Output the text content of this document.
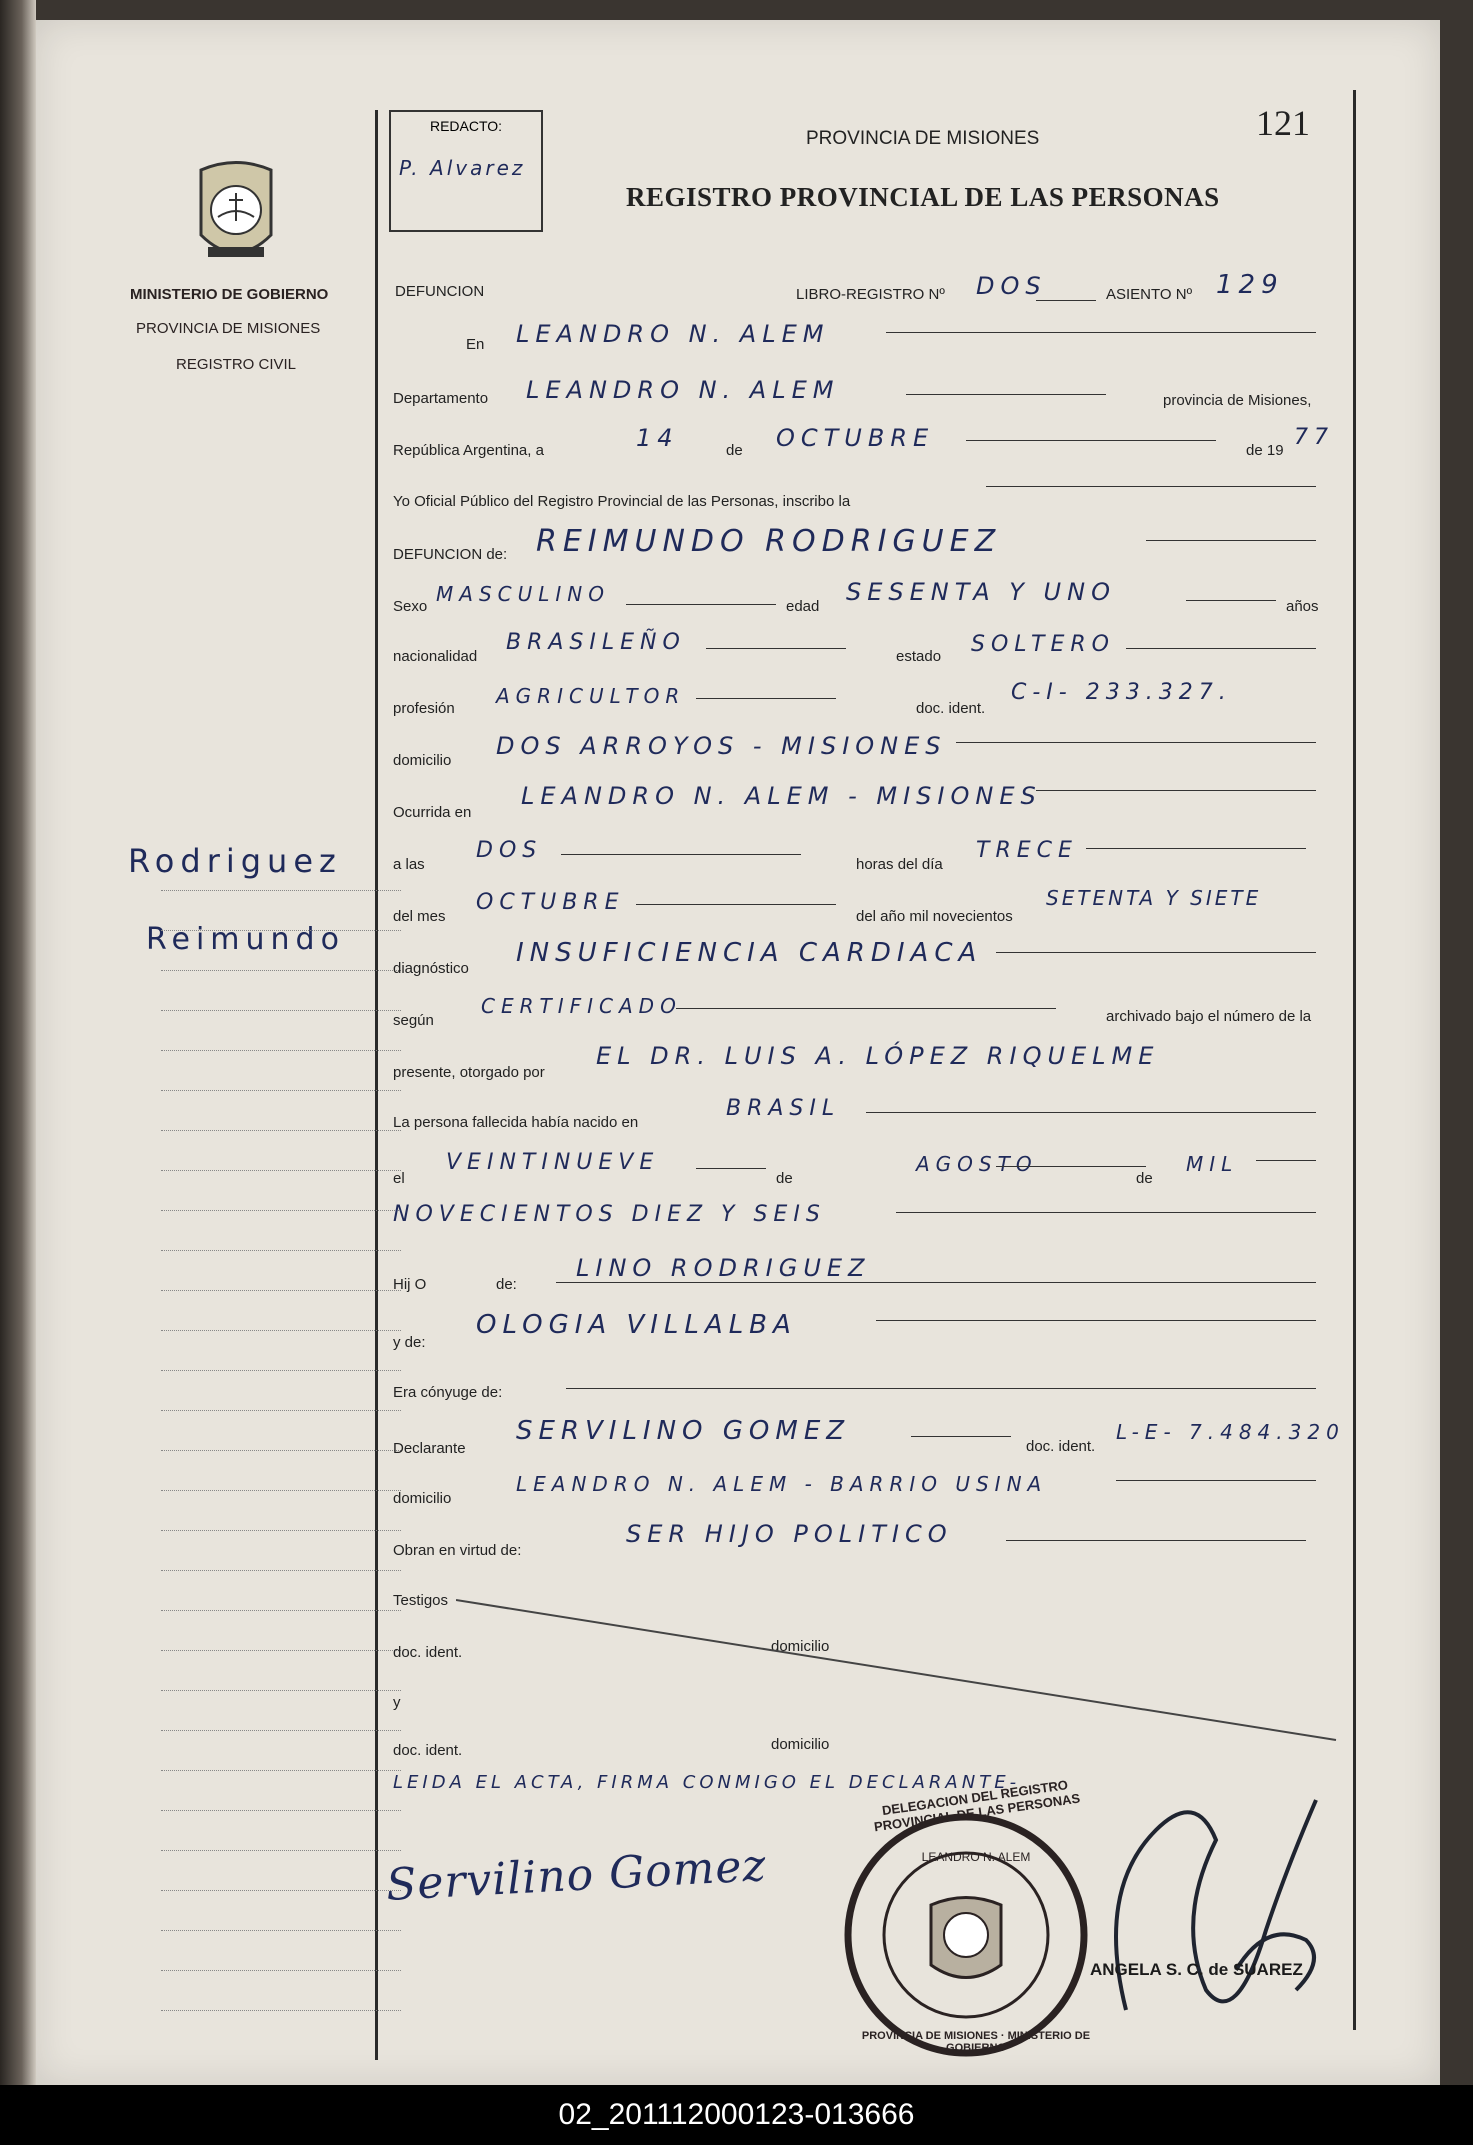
REDACTO:
P. Alvarez
PROVINCIA DE MISIONES
REGISTRO PROVINCIAL DE LAS PERSONAS
121
MINISTERIO DE GOBIERNO
PROVINCIA DE MISIONES
REGISTRO CIVIL
Rodriguez
Reimundo
DEFUNCION	LIBRO-REGISTRO Nº DOS	ASIENTO Nº 129
En LEANDRO N. ALEM
Departamento LEANDRO N. ALEM	provincia de Misiones,
República Argentina, a	14	de OCTUBRE	de 19
77
Yo Oficial Público del Registro Provincial de las Personas, inscribo la
DEFUNCION de: REIMUNDO RODRIGUEZ
Sexo
MASCULINO
edad
SESENTA Y UNO
años
nacionalidad
BRASILEÑO
estado SOLTERO
profesión
AGRICULTOR
doc. ident.
C-I- 233.327.
domicilio
DOS ARROYOS - MISIONES
Ocurrida en
LEANDRO N. ALEM - MISIONES
a las
DOS
horas del día
TRECE
del mes
OCTUBRE
del año mil novecientos
SETENTA Y SIETE
diagnóstico
INSUFICIENCIA CARDIACA
según
CERTIFICADO	archivado bajo el número de la
presente, otorgado por
EL DR. LUIS A. LÓPEZ RIQUELME
La persona fallecida había nacido en
BRASIL
el
VEINTINUEVE
de
AGOSTO
de
MIL
NOVECIENTOS DIEZ Y SEIS
Hij O	de:
LINO RODRIGUEZ
y de:
OLOGIA VILLALBA
Era cónyuge de:
Declarante
SERVILINO GOMEZ
doc. ident.
L-E- 7.484.320
domicilio
LEANDRO N. ALEM - BARRIO USINA
Obran en virtud de:
SER HIJO POLITICO
Testigos
doc. ident.	domicilio
y
doc. ident.	domicilio
LEIDA EL ACTA, FIRMA CONMIGO EL DECLARANTE-
Servilino Gomez
DELEGACION DEL REGISTRO PROVINCIAL DE LAS PERSONAS
LEANDRO N. ALEM
PROVINCIA DE MISIONES · MINISTERIO DE GOBIERNO
ANGELA S. C. de SUAREZ
02_201112000123-013666
